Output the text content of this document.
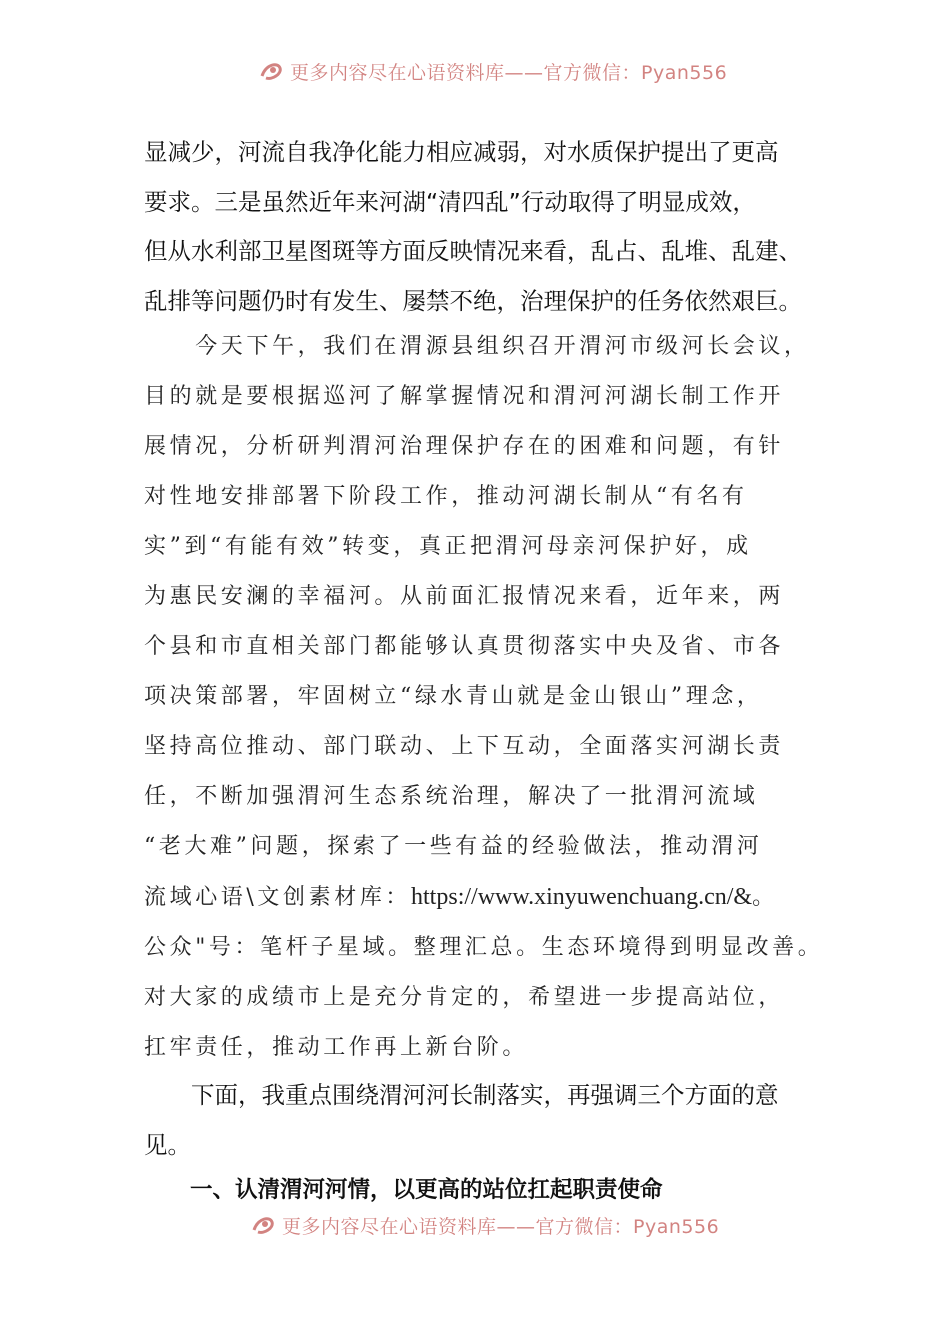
更多内容尽在心语资料库——官方微信：Pyan556
显减少，河流自我净化能力相应减弱，对水质保护提出了更高
要求。三是虽然近年来河湖“清四乱”行动取得了明显成效，
但从水利部卫星图斑等方面反映情况来看，乱占、乱堆、乱建、
乱排等问题仍时有发生、屡禁不绝，治理保护的任务依然艰巨。
　　今天下午，我们在渭源县组织召开渭河市级河长会议，
目的就是要根据巡河了解掌握情况和渭河河湖长制工作开
展情况，分析研判渭河治理保护存在的困难和问题，有针
对性地安排部署下阶段工作，推动河湖长制从“有名有
实”到“有能有效”转变，真正把渭河母亲河保护好，成
为惠民安澜的幸福河。从前面汇报情况来看，近年来，两
个县和市直相关部门都能够认真贯彻落实中央及省、市各
项决策部署，牢固树立“绿水青山就是金山银山”理念，
坚持高位推动、部门联动、上下互动，全面落实河湖长责
任，不断加强渭河生态系统治理，解决了一批渭河流域
“老大难”问题，探索了一些有益的经验做法，推动渭河
流域心语\文创素材库：https://www.xinyuwenchuang.cn/&。
公众"号：笔杆子星域。整理汇总。生态环境得到明显改善。
对大家的成绩市上是充分肯定的，希望进一步提高站位，
扛牢责任，推动工作再上新台阶。
　　下面，我重点围绕渭河河长制落实，再强调三个方面的意
见。
一、认清渭河河情，以更高的站位扛起职责使命
更多内容尽在心语资料库——官方微信：Pyan556
